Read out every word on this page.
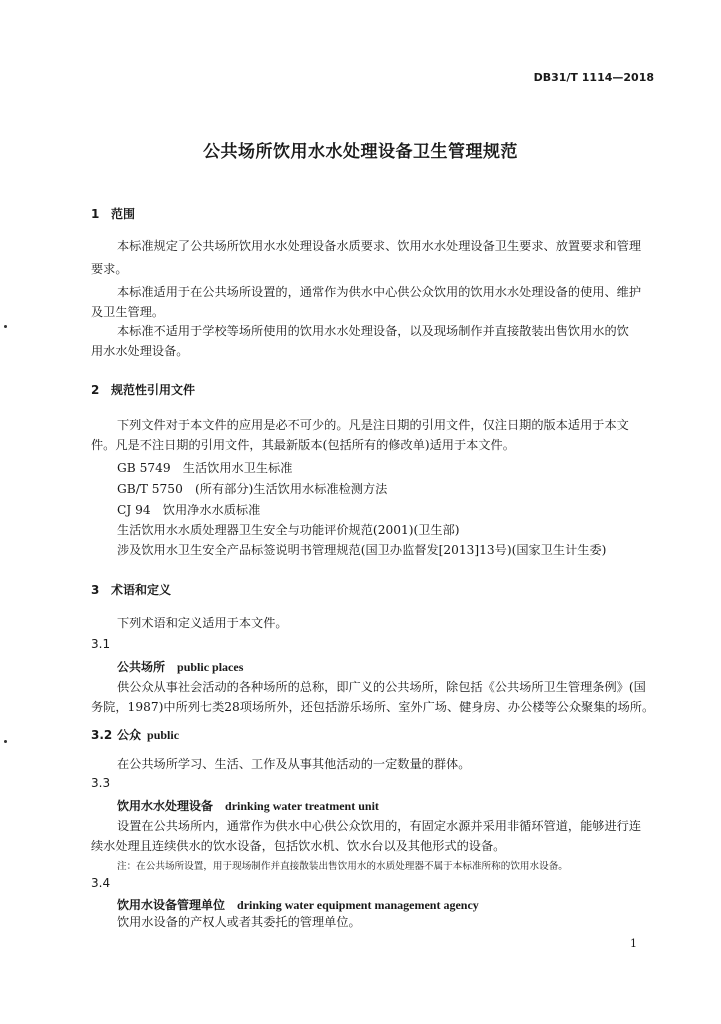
DB31/T 1114—2018
公共场所饮用水水处理设备卫生管理规范
1 范围
本标准规定了公共场所饮用水水处理设备水质要求、饮用水水处理设备卫生要求、放置要求和管理
要求。
本标准适用于在公共场所设置的，通常作为供水中心供公众饮用的饮用水水处理设备的使用、维护
及卫生管理。
本标准不适用于学校等场所使用的饮用水水处理设备，以及现场制作并直接散装出售饮用水的饮
用水水处理设备。
2 规范性引用文件
下列文件对于本文件的应用是必不可少的。凡是注日期的引用文件，仅注日期的版本适用于本文
件。凡是不注日期的引用文件，其最新版本(包括所有的修改单)适用于本文件。
GB 5749　生活饮用水卫生标准
GB/T 5750　(所有部分)生活饮用水标准检测方法
CJ 94　饮用净水水质标准
生活饮用水水质处理器卫生安全与功能评价规范(2001)(卫生部)
涉及饮用水卫生安全产品标签说明书管理规范(国卫办监督发[2013]13号)(国家卫生计生委)
3 术语和定义
下列术语和定义适用于本文件。
3.1
公共场所 public places
供公众从事社会活动的各种场所的总称，即广义的公共场所，除包括《公共场所卫生管理条例》(国
务院，1987)中所列七类28项场所外，还包括游乐场所、室外广场、健身房、办公楼等公众聚集的场所。
3.2 公众 public
在公共场所学习、生活、工作及从事其他活动的一定数量的群体。
3.3
饮用水水处理设备 drinking water treatment unit
设置在公共场所内，通常作为供水中心供公众饮用的，有固定水源并采用非循环管道，能够进行连
续水处理且连续供水的饮水设备，包括饮水机、饮水台以及其他形式的设备。
注：在公共场所设置，用于现场制作并直接散装出售饮用水的水质处理器不属于本标准所称的饮用水设备。
3.4
饮用水设备管理单位 drinking water equipment management agency
饮用水设备的产权人或者其委托的管理单位。
1
